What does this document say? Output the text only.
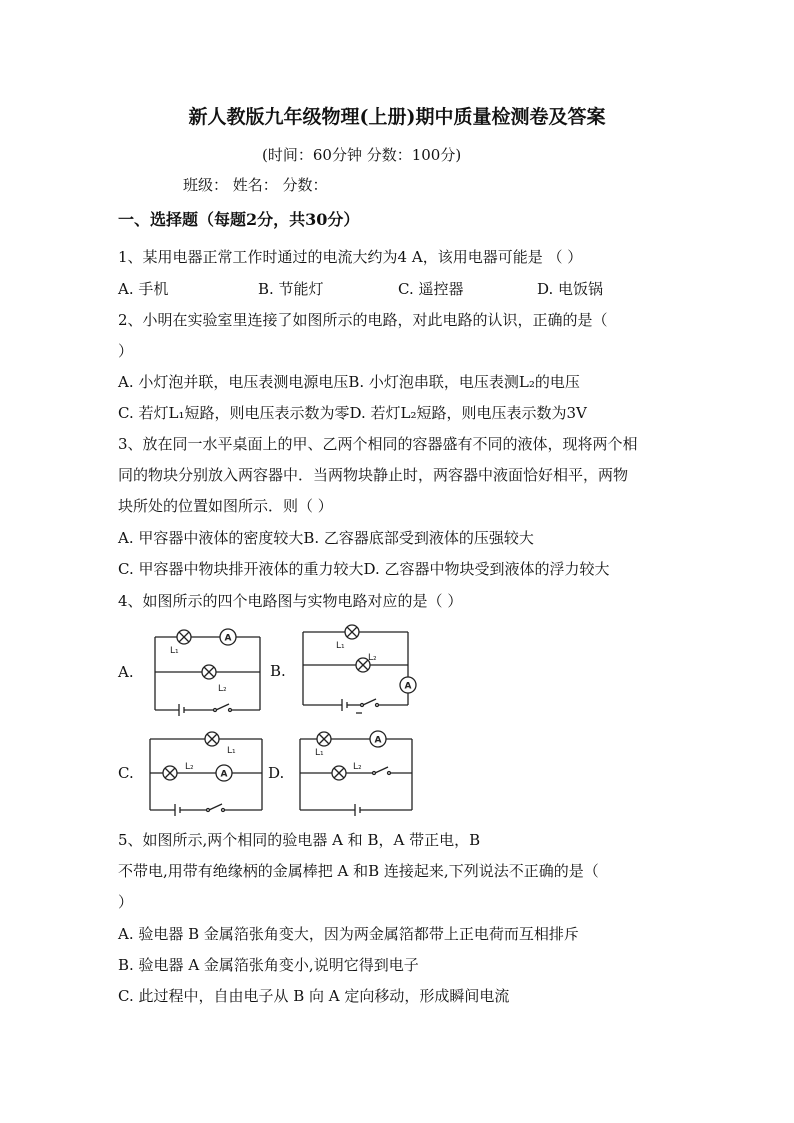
新人教版九年级物理(上册)期中质量检测卷及答案
(时间：60分钟 分数：100分)
班级： 姓名： 分数：
一、选择题（每题2分，共30分）
1、某用电器正常工作时通过的电流大约为4 A，该用电器可能是 （ ）
A. 手机	B. 节能灯	C. 遥控器	D. 电饭锅
2、小明在实验室里连接了如图所示的电路，对此电路的认识，正确的是（
）
A. 小灯泡并联，电压表测电源电压B. 小灯泡串联，电压表测L₂的电压
C. 若灯L₁短路，则电压表示数为零D. 若灯L₂短路，则电压表示数为3V
3、放在同一水平桌面上的甲、乙两个相同的容器盛有不同的液体，现将两个相
同的物块分别放入两容器中．当两物块静止时，两容器中液面恰好相平，两物
块所处的位置如图所示．则（ ）
A. 甲容器中液体的密度较大B. 乙容器底部受到液体的压强较大
C. 甲容器中物块排开液体的重力较大D. 乙容器中物块受到液体的浮力较大
4、如图所示的四个电路图与实物电路对应的是（ ）
A.	B.
C.	D.
A
L₁
L₂
L₁
L₂
A
L₁
L₂
A
L₁
A
L₂
5、如图所示,两个相同的验电器 A 和 B，A 带正电，B
不带电,用带有绝缘柄的金属棒把 A 和B 连接起来,下列说法不正确的是（
）
A. 验电器 B 金属箔张角变大，因为两金属箔都带上正电荷而互相排斥
B. 验电器 A 金属箔张角变小,说明它得到电子
C. 此过程中，自由电子从 B 向 A 定向移动，形成瞬间电流
